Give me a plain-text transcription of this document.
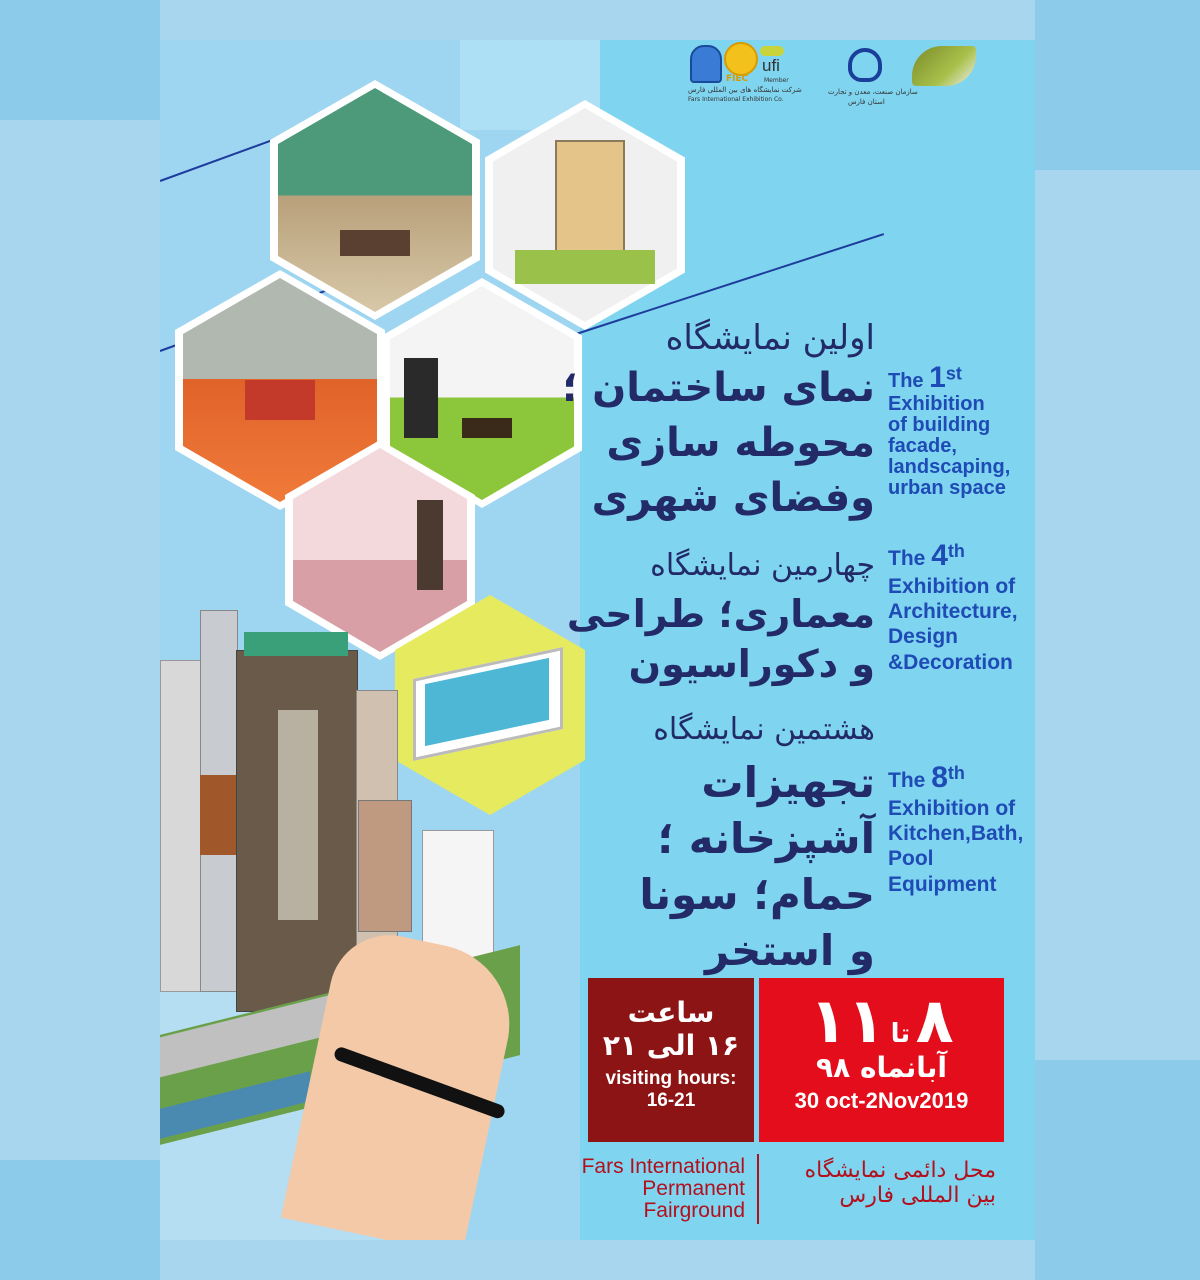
FIEC
ufi
Member
شرکت نمایشگاه های بین المللی فارس
Fars International Exhibition Co.
سازمان صنعت، معدن و تجارت
استان فارس
اولین نمایشگاه
نمای ساختمان ؛
محوطه سازی
وفضای شهری
The 1st
Exhibition
of building
facade,
landscaping,
urban space
چهارمین نمایشگاه
معماری؛ طراحی
و دکوراسیون
The 4th
Exhibition of
Architecture,
Design
&Decoration
هشتمین نمایشگاه
تجهیزات
آشپزخانه ؛
حمام؛ سونا
و استخر
The 8th
Exhibition of
Kitchen,Bath,
Pool
Equipment
ساعت
۱۶ الی ۲۱
visiting hours:
16-21
۸ تا ۱۱
آبانماه ۹۸
30 oct-2Nov2019
Fars International
Permanent
Fairground
محل دائمی نمایشگاه
بین المللی فارس
